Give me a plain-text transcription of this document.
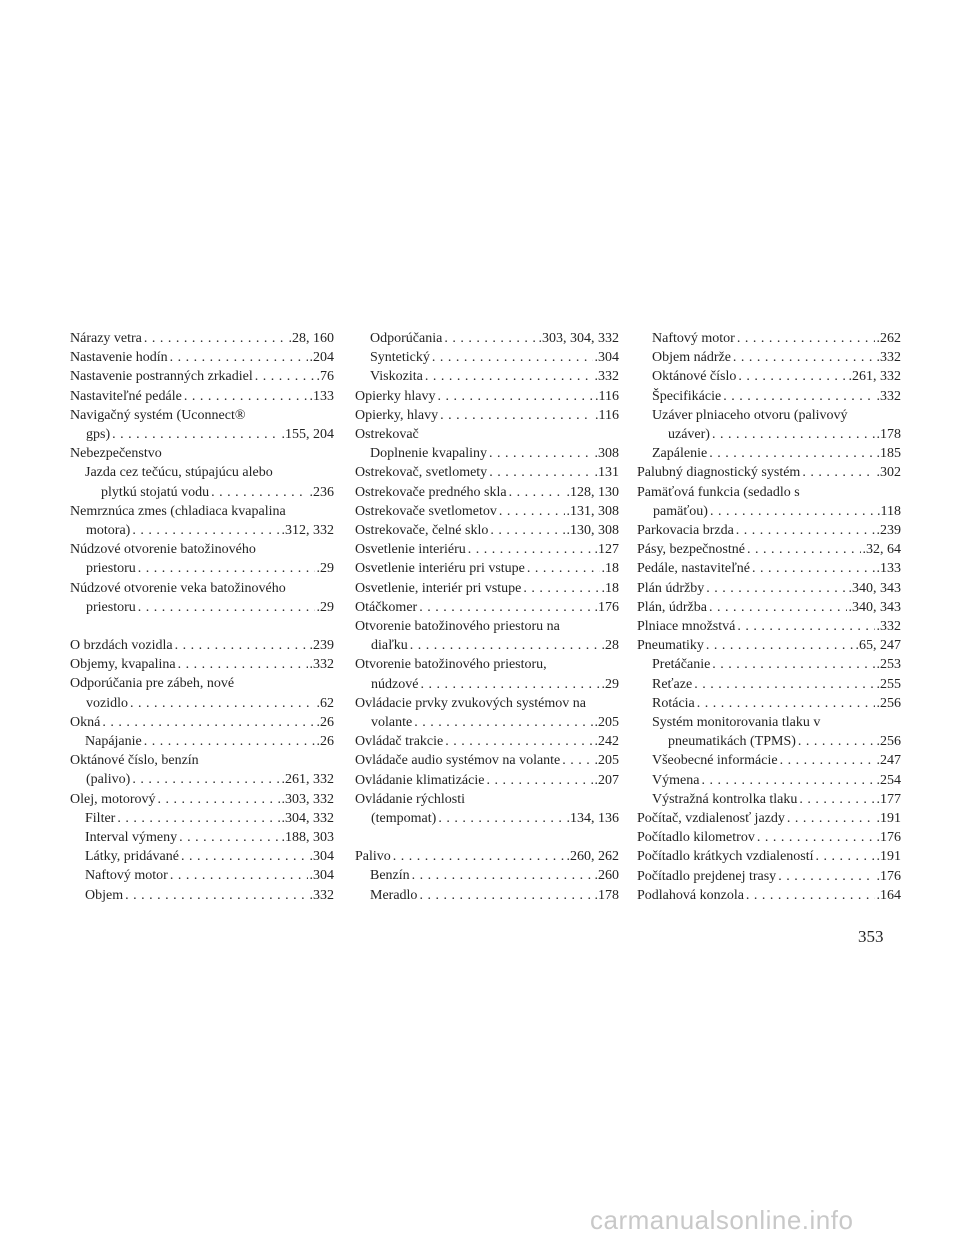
Nárazy vetra . . .	.28, 160
Nastavenie hodín . . .	.204
Nastavenie postranných zrkadiel . . .	.76
Nastaviteľné pedále . . .	.133
Navigačný systém (Uconnect®
gps) . . .	.155, 204
Nebezpečenstvo
Jazda cez tečúcu, stúpajúcu alebo
plytkú stojatú vodu . . .	.236
Nemrznúca zmes (chladiaca kvapalina
motora) . . .	.312, 332
Núdzové otvorenie batožinového
priestoru . . .	.29
Núdzové otvorenie veka batožinového
priestoru . . .	.29
O brzdách vozidla . . .	.239
Objemy, kvapalina . . .	.332
Odporúčania pre zábeh, nové
vozidlo . . .	.62
Okná . . .	.26
Napájanie . . .	.26
Oktánové číslo, benzín
(palivo) . . .	.261, 332
Olej, motorový . . .	.303, 332
Filter . . .	.304, 332
Interval výmeny . . .	.188, 303
Látky, pridávané . . .	.304
Naftový motor . . .	.304
Objem . . .	.332
Odporúčania . . .	.303, 304, 332
Syntetický . . .	.304
Viskozita . . .	.332
Opierky hlavy . . .	.116
Opierky, hlavy . . .	.116
Ostrekovač
Doplnenie kvapaliny . . .	.308
Ostrekovač, svetlomety . . .	.131
Ostrekovače predného skla . . .	.128, 130
Ostrekovače svetlometov . . .	.131, 308
Ostrekovače, čelné sklo . . .	.130, 308
Osvetlenie interiéru . . .	.127
Osvetlenie interiéru pri vstupe . . .	.18
Osvetlenie, interiér pri vstupe . . .	.18
Otáčkomer . . .	.176
Otvorenie batožinového priestoru na
diaľku . . .	.28
Otvorenie batožinového priestoru,
núdzové . . .	.29
Ovládacie prvky zvukových systémov na
volante . . .	.205
Ovládač trakcie . . .	.242
Ovládače audio systémov na volante . . . .205
Ovládanie klimatizácie . . .	.207
Ovládanie rýchlosti
(tempomat) . . .	.134, 136
Palivo . . .	.260, 262
Benzín . . .	.260
Meradlo . . .	.178
Naftový motor . . .	.262
Objem nádrže . . .	.332
Oktánové číslo . . .	.261, 332
Špecifikácie . . .	.332
Uzáver plniaceho otvoru (palivový
uzáver) . . .	.178
Zapálenie . . .	.185
Palubný diagnostický systém . . .	.302
Pamäťová funkcia (sedadlo s
pamäťou) . . .	.118
Parkovacia brzda . . .	.239
Pásy, bezpečnostné . . .	.32, 64
Pedále, nastaviteľné . . .	.133
Plán údržby . . .	.340, 343
Plán, údržba . . .	.340, 343
Plniace množstvá . . .	.332
Pneumatiky . . .	.65, 247
Pretáčanie . . .	.253
Reťaze . . .	.255
Rotácia . . .	.256
Systém monitorovania tlaku v
pneumatikách (TPMS) . . .	.256
Všeobecné informácie . . .	.247
Výmena . . .	.254
Výstražná kontrolka tlaku . . .	.177
Počítač, vzdialenosť jazdy . . .	.191
Počítadlo kilometrov . . .	.176
Počítadlo krátkych vzdialeností . . .	.191
Počítadlo prejdenej trasy . . .	.176
Podlahová konzola . . .	.164
353
carmanualsonline.info
